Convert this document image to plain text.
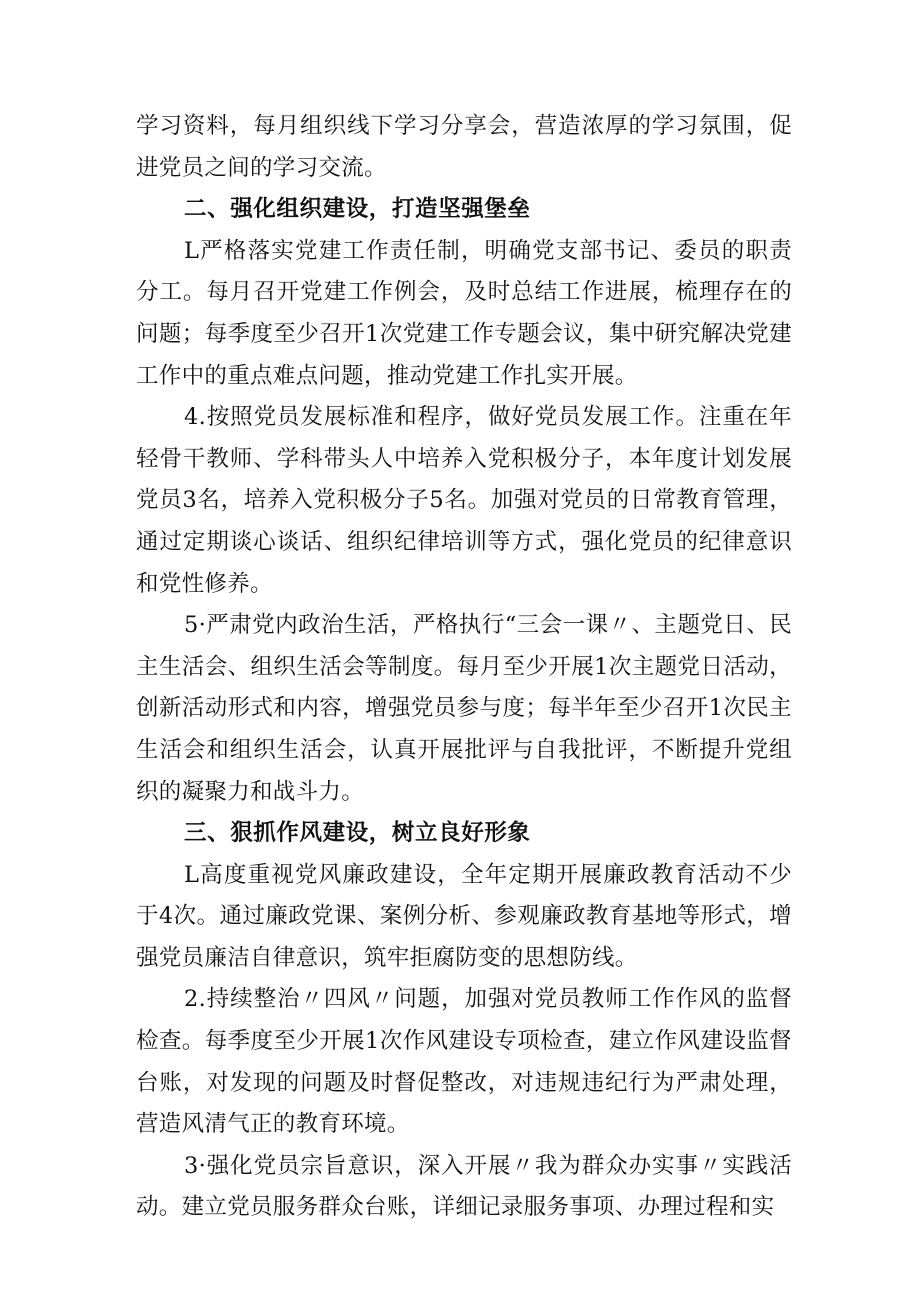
学习资料，每月组织线下学习分享会，营造浓厚的学习氛围，促进党员之间的学习交流。

二、强化组织建设，打造坚强堡垒

L严格落实党建工作责任制，明确党支部书记、委员的职责分工。每月召开党建工作例会，及时总结工作进展，梳理存在的问题；每季度至少召开1次党建工作专题会议，集中研究解决党建工作中的重点难点问题，推动党建工作扎实开展。

4.按照党员发展标准和程序，做好党员发展工作。注重在年轻骨干教师、学科带头人中培养入党积极分子，本年度计划发展党员3名，培养入党积极分子5名。加强对党员的日常教育管理，通过定期谈心谈话、组织纪律培训等方式，强化党员的纪律意识和党性修养。

5·严肃党内政治生活，严格执行“三会一课〃、主题党日、民主生活会、组织生活会等制度。每月至少开展1次主题党日活动，创新活动形式和内容，增强党员参与度；每半年至少召开1次民主生活会和组织生活会，认真开展批评与自我批评，不断提升党组织的凝聚力和战斗力。

三、狠抓作风建设，树立良好形象

L高度重视党风廉政建设，全年定期开展廉政教育活动不少于4次。通过廉政党课、案例分析、参观廉政教育基地等形式，增强党员廉洁自律意识，筑牢拒腐防变的思想防线。

2.持续整治〃四风〃问题，加强对党员教师工作作风的监督检查。每季度至少开展1次作风建设专项检查，建立作风建设监督台账，对发现的问题及时督促整改，对违规违纪行为严肃处理，营造风清气正的教育环境。

3·强化党员宗旨意识，深入开展〃我为群众办实事〃实践活动。建立党员服务群众台账，详细记录服务事项、办理过程和实
